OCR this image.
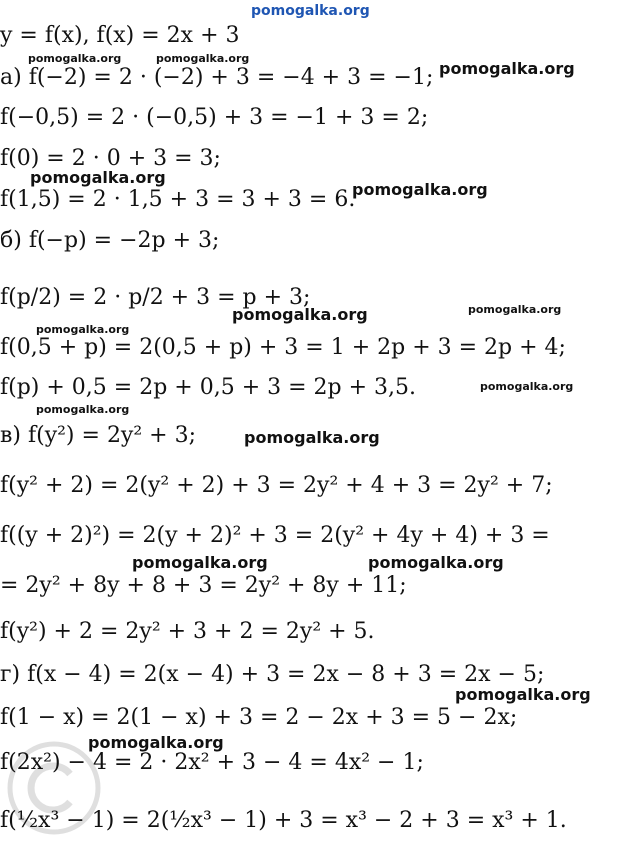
pomogalka.org
pomogalka.org	pomogalka.org
pomogalka.org
pomogalka.org
pomogalka.org
pomogalka.org	pomogalka.org
pomogalka.org
pomogalka.org
pomogalka.org
pomogalka.org
pomogalka.org	pomogalka.org
pomogalka.org
pomogalka.org
y = f(x), f(x) = 2x + 3
а) f(−2) = 2 · (−2) + 3 = −4 + 3 = −1;
f(−0,5) = 2 · (−0,5) + 3 = −1 + 3 = 2;
f(0) = 2 · 0 + 3 = 3;
f(1,5) = 2 · 1,5 + 3 = 3 + 3 = 6.
б) f(−p) = −2p + 3;
f(p/2) = 2 · p/2 + 3 = p + 3;
f(0,5 + p) = 2(0,5 + p) + 3 = 1 + 2p + 3 = 2p + 4;
f(p) + 0,5 = 2p + 0,5 + 3 = 2p + 3,5.
в) f(y²) = 2y² + 3;
f(y² + 2) = 2(y² + 2) + 3 = 2y² + 4 + 3 = 2y² + 7;
f((y + 2)²) = 2(y + 2)² + 3 = 2(y² + 4y + 4) + 3 =
= 2y² + 8y + 8 + 3 = 2y² + 8y + 11;
f(y²) + 2 = 2y² + 3 + 2 = 2y² + 5.
г) f(x − 4) = 2(x − 4) + 3 = 2x − 8 + 3 = 2x − 5;
f(1 − x) = 2(1 − x) + 3 = 2 − 2x + 3 = 5 − 2x;
f(2x²) − 4 = 2 · 2x² + 3 − 4 = 4x² − 1;
f(½x³ − 1) = 2(½x³ − 1) + 3 = x³ − 2 + 3 = x³ + 1.
